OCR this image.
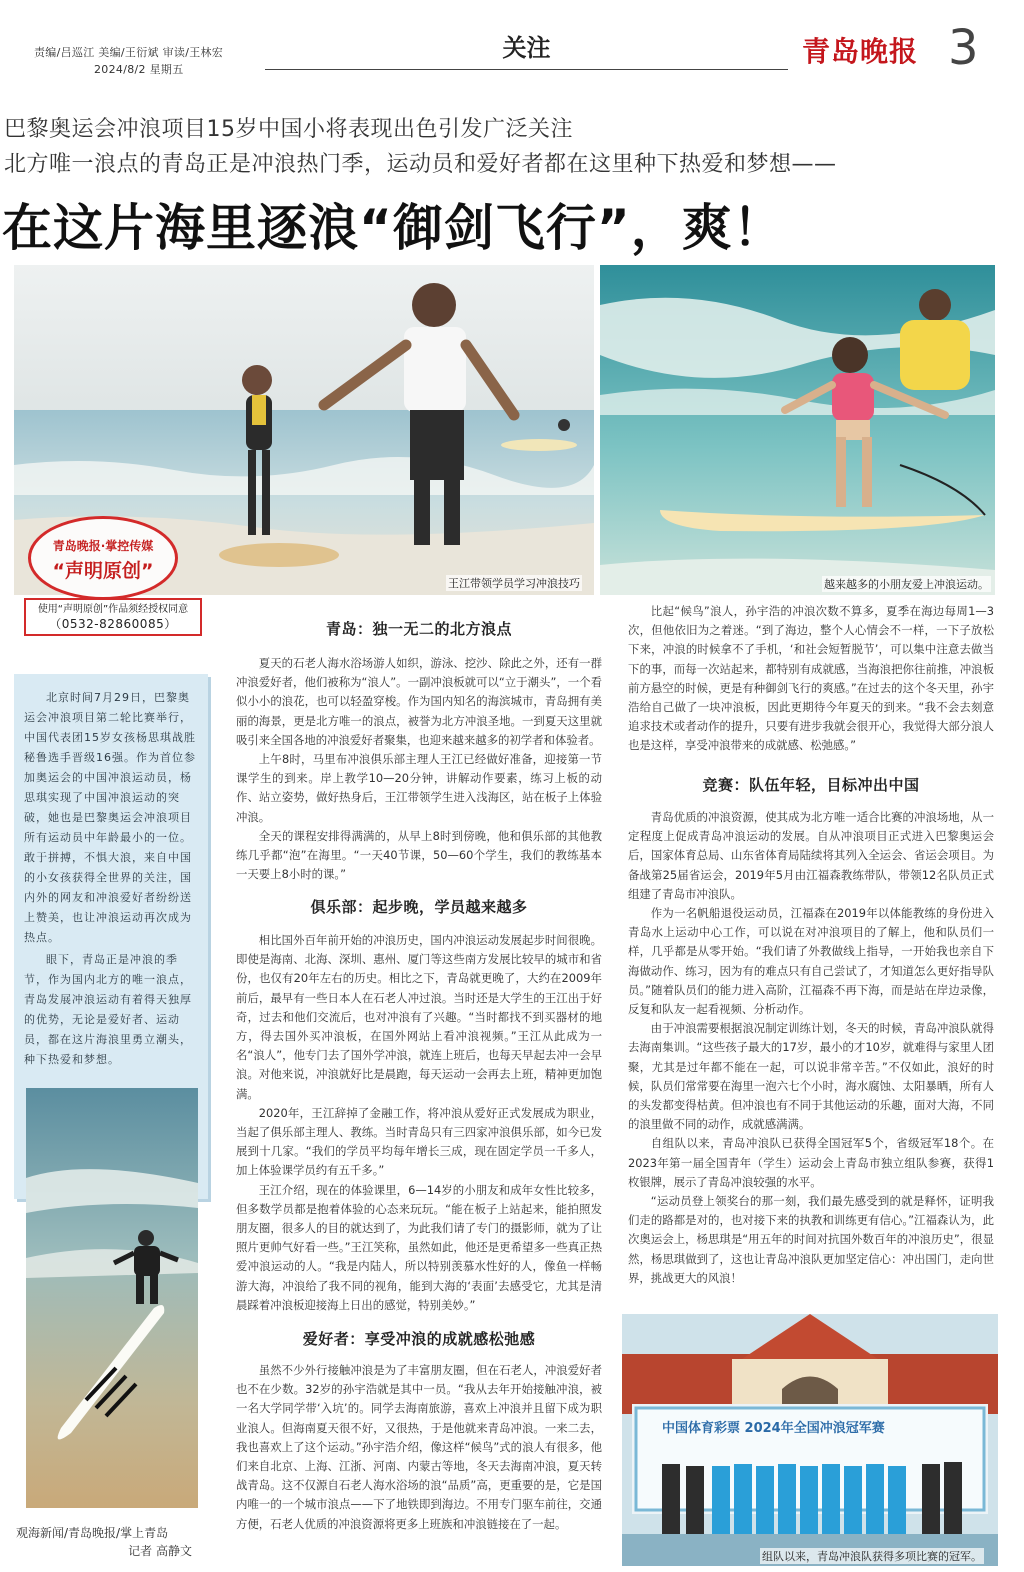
责编/吕巡江 美编/王衍斌 审读/王林宏
2024/8/2 星期五
关注	青岛晚报 3
巴黎奥运会冲浪项目15岁中国小将表现出色引发广泛关注
北方唯一浪点的青岛正是冲浪热门季，运动员和爱好者都在这里种下热爱和梦想——
在这片海里逐浪“御剑飞行”，爽！
王江带领学员学习冲浪技巧	越来越多的小朋友爱上冲浪运动。
青岛晚报·掌控传媒
“声明原创”
使用“声明原创”作品须经授权同意
（0532-82860085）

北京时间7月29日，巴黎奥运会冲浪项目第二轮比赛举行，中国代表团15岁女孩杨思琪战胜秘鲁选手晋级16强。作为首位参加奥运会的中国冲浪运动员，杨思琪实现了中国冲浪运动的突破，她也是巴黎奥运会冲浪项目所有运动员中年龄最小的一位。敢于拼搏，不惧大浪，来自中国的小女孩获得全世界的关注，国内外的网友和冲浪爱好者纷纷送上赞美，也让冲浪运动再次成为热点。

眼下，青岛正是冲浪的季节，作为国内北方的唯一浪点，青岛发展冲浪运动有着得天独厚的优势，无论是爱好者、运动员，都在这片海浪里勇立潮头，种下热爱和梦想。

观海新闻/青岛晚报/掌上青岛
记者 高静文
青岛：独一无二的北方浪点

夏天的石老人海水浴场游人如织，游泳、挖沙、除此之外，还有一群冲浪爱好者，他们被称为“浪人”。一副冲浪板就可以“立于潮头”，一个看似小小的浪花，也可以轻盈穿梭。作为国内知名的海滨城市，青岛拥有美丽的海景，更是北方唯一的浪点，被誉为北方冲浪圣地。一到夏天这里就吸引来全国各地的冲浪爱好者聚集，也迎来越来越多的初学者和体验者。

上午8时，马里布冲浪俱乐部主理人王江已经做好准备，迎接第一节课学生的到来。岸上教学10—20分钟，讲解动作要素，练习上板的动作、站立姿势，做好热身后，王江带领学生进入浅海区，站在板子上体验冲浪。

全天的课程安排得满满的，从早上8时到傍晚，他和俱乐部的其他教练几乎都“泡”在海里。“一天40节课，50—60个学生，我们的教练基本一天要上8小时的课。”

俱乐部：起步晚，学员越来越多

相比国外百年前开始的冲浪历史，国内冲浪运动发展起步时间很晚。即使是海南、北海、深圳、惠州、厦门等这些南方发展比较早的城市和省份，也仅有20年左右的历史。相比之下，青岛就更晚了，大约在2009年前后，最早有一些日本人在石老人冲过浪。当时还是大学生的王江出于好奇，过去和他们交流后，也对冲浪有了兴趣。“当时都找不到买器材的地方，得去国外买冲浪板，在国外网站上看冲浪视频。”王江从此成为一名“浪人”，他专门去了国外学冲浪，就连上班后，也每天早起去冲一会早浪。对他来说，冲浪就好比是晨跑，每天运动一会再去上班，精神更加饱满。

2020年，王江辞掉了金融工作，将冲浪从爱好正式发展成为职业，当起了俱乐部主理人、教练。当时青岛只有三四家冲浪俱乐部，如今已发展到十几家。“我们的学员平均每年增长三成，现在固定学员一千多人，加上体验课学员约有五千多。”

王江介绍，现在的体验课里，6—14岁的小朋友和成年女性比较多，但多数学员都是抱着体验的心态来玩玩。“能在板子上站起来，能拍照发朋友圈，很多人的目的就达到了，为此我们请了专门的摄影师，就为了让照片更帅气好看一些。”王江笑称，虽然如此，他还是更希望多一些真正热爱冲浪运动的人。“我是内陆人，所以特别羡慕水性好的人，像鱼一样畅游大海，冲浪给了我不同的视角，能到大海的‘表面’去感受它，尤其是清晨踩着冲浪板迎接海上日出的感觉，特别美妙。”

爱好者：享受冲浪的成就感松弛感

虽然不少外行接触冲浪是为了丰富朋友圈，但在石老人，冲浪爱好者也不在少数。32岁的孙宇浩就是其中一员。“我从去年开始接触冲浪，被一名大学同学带‘入坑’的。同学去海南旅游，喜欢上冲浪并且留下成为职业浪人。但海南夏天很不好，又很热，于是他就来青岛冲浪。一来二去，我也喜欢上了这个运动。”孙宇浩介绍，像这样“候鸟”式的浪人有很多，他们来自北京、上海、江浙、河南、内蒙古等地，冬天去海南冲浪，夏天转战青岛。这不仅源自石老人海水浴场的浪“品质”高，更重要的是，它是国内唯一的一个城市浪点——下了地铁即到海边。不用专门驱车前往，交通方便，石老人优质的冲浪资源将更多上班族和冲浪链接在了一起。

比起“候鸟”浪人，孙宇浩的冲浪次数不算多，夏季在海边每周1—3次，但他依旧为之着迷。“到了海边，整个人心情会不一样，一下子放松下来，冲浪的时候拿不了手机，‘和社会短暂脱节’，可以集中注意去做当下的事，而每一次站起来，都特别有成就感，当海浪把你往前推，冲浪板前方悬空的时候，更是有种御剑飞行的爽感。”在过去的这个冬天里，孙宇浩给自己做了一块冲浪板，因此更期待今年夏天的到来。“我不会去刻意追求技术或者动作的提升，只要有进步我就会很开心，我觉得大部分浪人也是这样，享受冲浪带来的成就感、松弛感。”

竞赛：队伍年轻，目标冲出中国

青岛优质的冲浪资源，使其成为北方唯一适合比赛的冲浪场地，从一定程度上促成青岛冲浪运动的发展。自从冲浪项目正式进入巴黎奥运会后，国家体育总局、山东省体育局陆续将其列入全运会、省运会项目。为备战第25届省运会，2019年5月由江福森教练带队，带领12名队员正式组建了青岛市冲浪队。

作为一名帆船退役运动员，江福森在2019年以体能教练的身份进入青岛水上运动中心工作，可以说在对冲浪项目的了解上，他和队员们一样，几乎都是从零开始。“我们请了外教做线上指导，一开始我也亲自下海做动作、练习，因为有的难点只有自己尝试了，才知道怎么更好指导队员。”随着队员们的能力进入高阶，江福森不再下海，而是站在岸边录像，反复和队友一起看视频、分析动作。

由于冲浪需要根据浪况制定训练计划，冬天的时候，青岛冲浪队就得去海南集训。“这些孩子最大的17岁，最小的才10岁，就难得与家里人团聚，尤其是过年都不能在一起，可以说非常辛苦。”不仅如此，浪好的时候，队员们常常要在海里一泡六七个小时，海水腐蚀、太阳暴晒，所有人的头发都变得枯黄。但冲浪也有不同于其他运动的乐趣，面对大海，不同的浪里做不同的动作，成就感满满。

自组队以来，青岛冲浪队已获得全国冠军5个，省级冠军18个。在2023年第一届全国青年（学生）运动会上青岛市独立组队参赛，获得1枚银牌，展示了青岛冲浪较强的水平。

“运动员登上领奖台的那一刻，我们最先感受到的就是释怀，证明我们走的路都是对的，也对接下来的执教和训练更有信心。”江福森认为，此次奥运会上，杨思琪是“用五年的时间对抗国外数百年的冲浪历史”，很显然，杨思琪做到了，这也让青岛冲浪队更加坚定信心：冲出国门，走向世界，挑战更大的风浪！

中国体育彩票 2024年全国冲浪冠军赛
组队以来，青岛冲浪队获得多项比赛的冠军。
